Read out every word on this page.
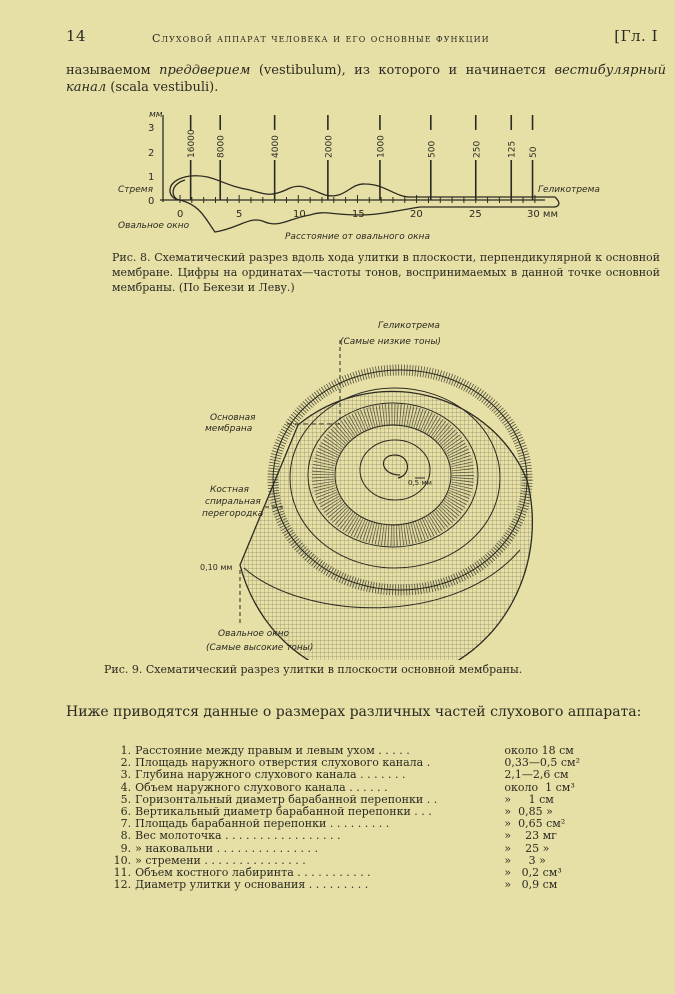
14	Слуховой аппарат человека и его основные функции	[Гл. I
называемом преддверием (vestibulum), из которого и начинается вестибулярный канал (scala vestibuli).
16000 8000	4000	2000	1000	500	250	125 50
мм
3
2
1
0
0	5	10	15	20	25	30 мм
Стремя
Овальное окно
Геликотрема
Расстояние от овального окна
Рис. 8. Схематический разрез вдоль хода улитки в плоскости, перпендикулярной к основной мембране. Цифры на ординатах—частоты тонов, воспринимаемых в данной точке основной мембраны. (По Бекези и Леву.)
Геликотрема
(Самые низкие тоны)
Основная
мембрана
Костная
спиральная
перегородка
0,10 мм
0,5 мм
Овальное окно
(Самые высокие тоны)
Рис. 9. Схематический разрез улитки в плоскости основной мембраны.
Ниже приводятся данные о размерах различных частей слухового аппарата:
1. Расстояние между правым и левым ухом . . . . .	около 18 см
2. Площадь наружного отверстия слухового канала .	0,33—0,5 см²
3. Глубина наружного слухового канала . . . . . . .	2,1—2,6 см
4. Объем наружного слухового канала . . . . . .	около  1 см³
5. Горизонтальный диаметр барабанной перепонки . .	»     1 см
6. Вертикальный диаметр барабанной перепонки . . .	»  0,85 »
7. Площадь барабанной перепонки . . . . . . . . .	»  0,65 см²
8. Вес молоточка . . . . . . . . . . . . . . . . .	»    23 мг
9. » наковальни . . . . . . . . . . . . . . .	»    25 »
10. » стремени . . . . . . . . . . . . . . .	»     3 »
11. Объем костного лабиринта . . . . . . . . . . .	»   0,2 см³
12. Диаметр улитки у основания . . . . . . . . .	»   0,9 см
